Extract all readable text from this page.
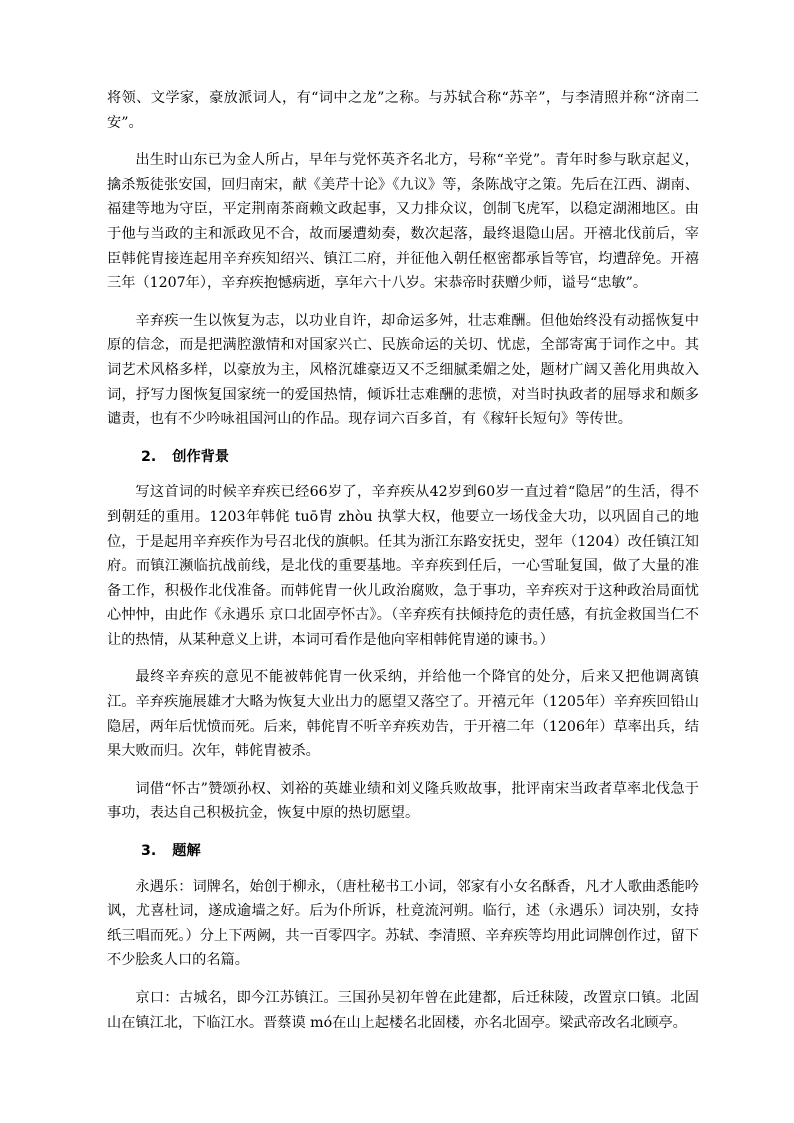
将领、文学家，豪放派词人，有“词中之龙”之称。与苏轼合称“苏辛”，与李清照并称“济南二安”。

出生时山东已为金人所占，早年与党怀英齐名北方，号称“辛党”。青年时参与耿京起义，擒杀叛徒张安国，回归南宋，献《美芹十论》《九议》等，条陈战守之策。先后在江西、湖南、福建等地为守臣，平定荆南茶商赖文政起事，又力排众议，创制飞虎军，以稳定湖湘地区。由于他与当政的主和派政见不合，故而屡遭劾奏，数次起落，最终退隐山居。开禧北伐前后，宰臣韩侂胄接连起用辛弃疾知绍兴、镇江二府，并征他入朝任枢密都承旨等官，均遭辞免。开禧三年（1207年），辛弃疾抱憾病逝，享年六十八岁。宋恭帝时获赠少师，谥号“忠敏”。

辛弃疾一生以恢复为志，以功业自许，却命运多舛，壮志难酬。但他始终没有动摇恢复中原的信念，而是把满腔激情和对国家兴亡、民族命运的关切、忧虑，全部寄寓于词作之中。其词艺术风格多样，以豪放为主，风格沉雄豪迈又不乏细腻柔媚之处，题材广阔又善化用典故入词，抒写力图恢复国家统一的爱国热情，倾诉壮志难酬的悲愤，对当时执政者的屈辱求和颇多谴责，也有不少吟咏祖国河山的作品。现存词六百多首，有《稼轩长短句》等传世。

2. 创作背景

写这首词的时候辛弃疾已经66岁了，辛弃疾从42岁到60岁一直过着“隐居”的生活，得不到朝廷的重用。1203年韩侂 tuō胄 zhòu 执掌大权，他要立一场伐金大功，以巩固自己的地位，于是起用辛弃疾作为号召北伐的旗帜。任其为浙江东路安抚史，翌年（1204）改任镇江知府。而镇江濒临抗战前线，是北伐的重要基地。辛弃疾到任后，一心雪耻复国，做了大量的准备工作，积极作北伐准备。而韩侂胄一伙儿政治腐败，急于事功，辛弃疾对于这种政治局面忧心忡忡，由此作《永遇乐 京口北固亭怀古》。（辛弃疾有扶倾持危的责任感，有抗金救国当仁不让的热情，从某种意义上讲，本词可看作是他向宰相韩侂胄递的谏书。）

最终辛弃疾的意见不能被韩侂胄一伙采纳，并给他一个降官的处分，后来又把他调离镇江。辛弃疾施展雄才大略为恢复大业出力的愿望又落空了。开禧元年（1205年）辛弃疾回铅山隐居，两年后忧愤而死。后来，韩侂胄不听辛弃疾劝告，于开禧二年（1206年）草率出兵，结果大败而归。次年，韩侂胄被杀。

词借“怀古”赞颂孙权、刘裕的英雄业绩和刘义隆兵败故事，批评南宋当政者草率北伐急于事功，表达自己积极抗金，恢复中原的热切愿望。

3. 题解

永遇乐：词牌名，始创于柳永，（唐杜秘书工小词，邻家有小女名酥香，凡才人歌曲悉能吟讽，尤喜杜词，遂成逾墙之好。后为仆所诉，杜竟流河朔。临行，述（永遇乐）词决别，女持纸三唱而死。）分上下两阙，共一百零四字。苏轼、李清照、辛弃疾等均用此词牌创作过，留下不少脍炙人口的名篇。

京口：古城名，即今江苏镇江。三国孙吴初年曾在此建都，后迁秣陵，改置京口镇。北固山在镇江北，下临江水。晋蔡谟 mó在山上起楼名北固楼，亦名北固亭。梁武帝改名北顾亭。
